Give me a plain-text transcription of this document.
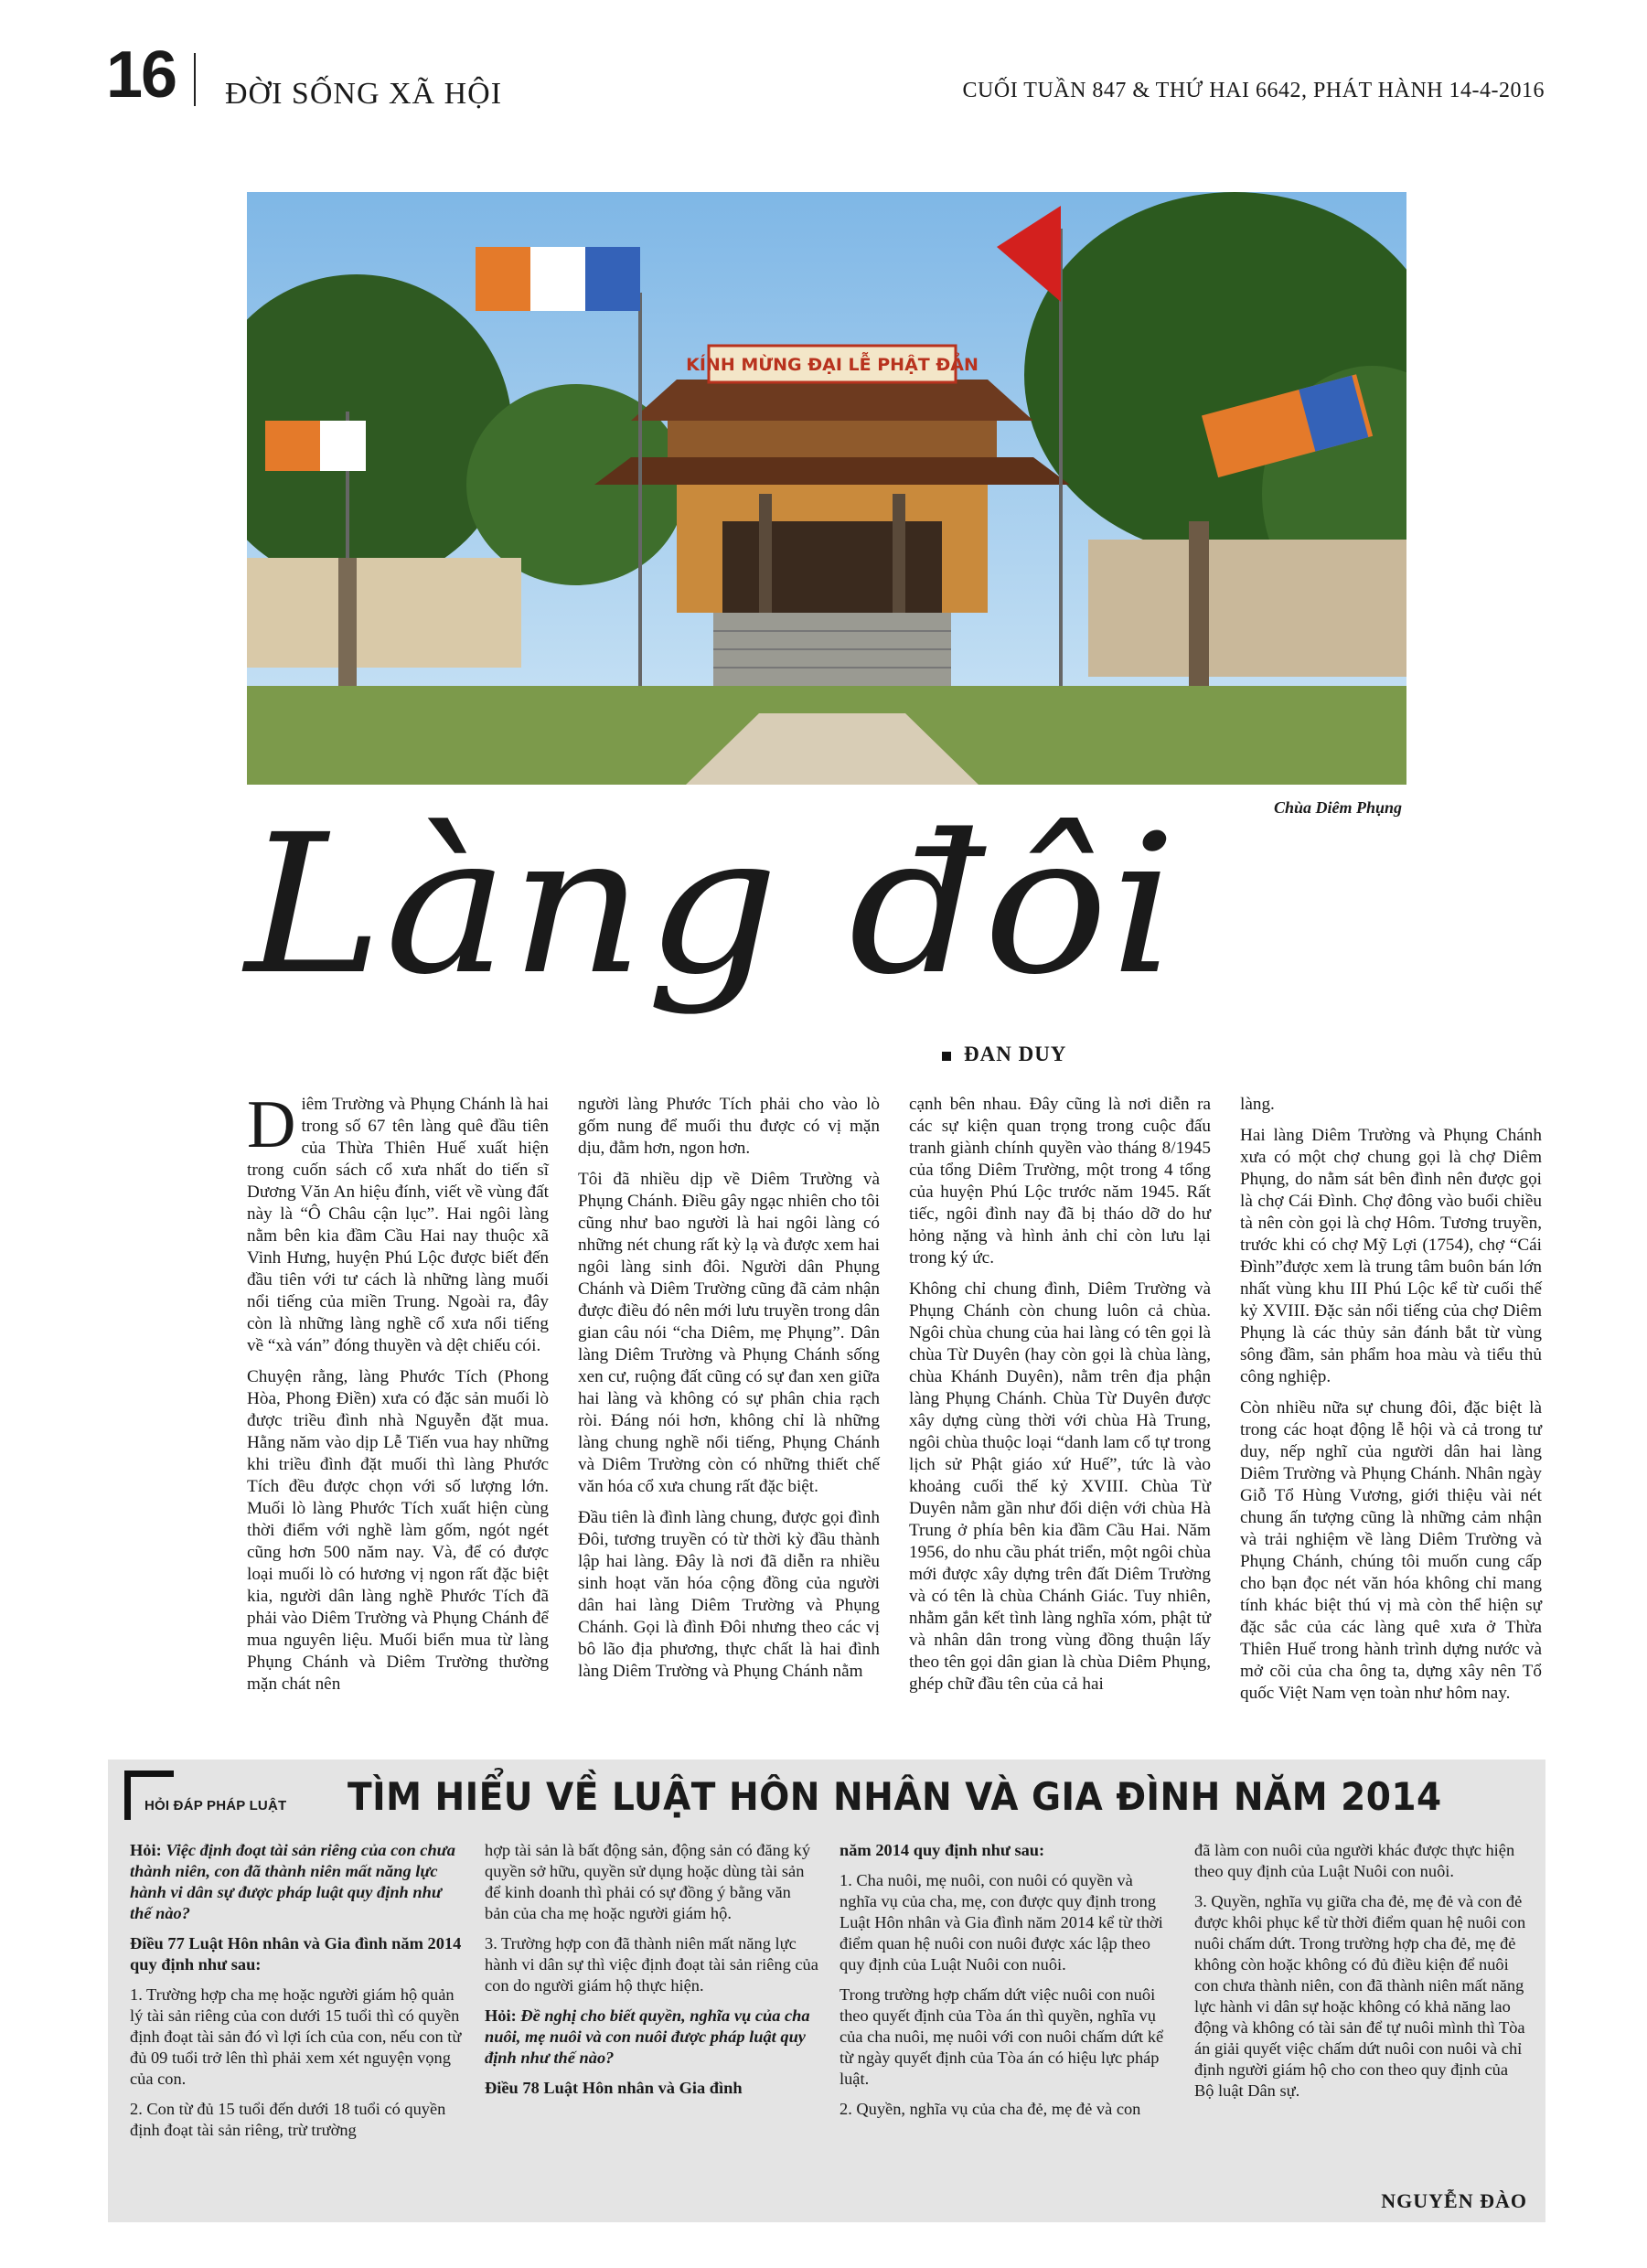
16 ĐỜI SỐNG XÃ HỘI	CUỐI TUẦN 847 & THỨ HAI 6642, PHÁT HÀNH 14-4-2016
KÍNH MỪNG ĐẠI LỄ PHẬT ĐẢN
Chùa Diêm Phụng
Làng đôi
ĐAN DUY

Diêm Trường và Phụng Chánh là hai trong số 67 tên làng quê đầu tiên của Thừa Thiên Huế xuất hiện trong cuốn sách cổ xưa nhất do tiến sĩ Dương Văn An hiệu đính, viết về vùng đất này là “Ô Châu cận lục”. Hai ngôi làng nằm bên kia đầm Cầu Hai nay thuộc xã Vinh Hưng, huyện Phú Lộc được biết đến đầu tiên với tư cách là những làng muối nổi tiếng của miền Trung. Ngoài ra, đây còn là những làng nghề cổ xưa nổi tiếng về “xà ván” đóng thuyền và dệt chiếu cói.

Chuyện rằng, làng Phước Tích (Phong Hòa, Phong Điền) xưa có đặc sản muối lò được triều đình nhà Nguyễn đặt mua. Hằng năm vào dịp Lễ Tiến vua hay những khi triều đình đặt muối thì làng Phước Tích đều được chọn với số lượng lớn. Muối lò làng Phước Tích xuất hiện cùng thời điểm với nghề làm gốm, ngót ngét cũng hơn 500 năm nay. Và, để có được loại muối lò có hương vị ngon rất đặc biệt kia, người dân làng nghề Phước Tích đã phải vào Diêm Trường và Phụng Chánh để mua nguyên liệu. Muối biển mua từ làng Phụng Chánh và Diêm Trường thường mặn chát nên

người làng Phước Tích phải cho vào lò gốm nung để muối thu được có vị mặn dịu, đằm hơn, ngon hơn.

Tôi đã nhiều dịp về Diêm Trường và Phụng Chánh. Điều gây ngạc nhiên cho tôi cũng như bao người là hai ngôi làng có những nét chung rất kỳ lạ và được xem hai ngôi làng sinh đôi. Người dân Phụng Chánh và Diêm Trường cũng đã cảm nhận được điều đó nên mới lưu truyền trong dân gian câu nói “cha Diêm, mẹ Phụng”. Dân làng Diêm Trường và Phụng Chánh sống xen cư, ruộng đất cũng có sự đan xen giữa hai làng và không có sự phân chia rạch ròi. Đáng nói hơn, không chỉ là những làng chung nghề nổi tiếng, Phụng Chánh và Diêm Trường còn có những thiết chế văn hóa cổ xưa chung rất đặc biệt.

Đầu tiên là đình làng chung, được gọi đình Đôi, tương truyền có từ thời kỳ đầu thành lập hai làng. Đây là nơi đã diễn ra nhiều sinh hoạt văn hóa cộng đồng của người dân hai làng Diêm Trường và Phụng Chánh. Gọi là đình Đôi nhưng theo các vị bô lão địa phương, thực chất là hai đình làng Diêm Trường và Phụng Chánh nằm

cạnh bên nhau. Đây cũng là nơi diễn ra các sự kiện quan trọng trong cuộc đấu tranh giành chính quyền vào tháng 8/1945 của tổng Diêm Trường, một trong 4 tổng của huyện Phú Lộc trước năm 1945. Rất tiếc, ngôi đình nay đã bị tháo dỡ do hư hỏng nặng và hình ảnh chỉ còn lưu lại trong ký ức.

Không chỉ chung đình, Diêm Trường và Phụng Chánh còn chung luôn cả chùa. Ngôi chùa chung của hai làng có tên gọi là chùa Từ Duyên (hay còn gọi là chùa làng, chùa Khánh Duyên), nằm trên địa phận làng Phụng Chánh. Chùa Từ Duyên được xây dựng cùng thời với chùa Hà Trung, ngôi chùa thuộc loại “danh lam cổ tự trong lịch sử Phật giáo xứ Huế”, tức là vào khoảng cuối thế kỷ XVIII. Chùa Từ Duyên nằm gần như đối diện với chùa Hà Trung ở phía bên kia đầm Cầu Hai. Năm 1956, do nhu cầu phát triển, một ngôi chùa mới được xây dựng trên đất Diêm Trường và có tên là chùa Chánh Giác. Tuy nhiên, nhằm gắn kết tình làng nghĩa xóm, phật tử và nhân dân trong vùng đồng thuận lấy theo tên gọi dân gian là chùa Diêm Phụng, ghép chữ đầu tên của cả hai

làng.

Hai làng Diêm Trường và Phụng Chánh xưa có một chợ chung gọi là chợ Diêm Phụng, do nằm sát bên đình nên được gọi là chợ Cái Đình. Chợ đông vào buổi chiều tà nên còn gọi là chợ Hôm. Tương truyền, trước khi có chợ Mỹ Lợi (1754), chợ “Cái Đình”được xem là trung tâm buôn bán lớn nhất vùng khu III Phú Lộc kể từ cuối thế kỷ XVIII. Đặc sản nổi tiếng của chợ Diêm Phụng là các thủy sản đánh bắt từ vùng sông đầm, sản phẩm hoa màu và tiểu thủ công nghiệp.

Còn nhiều nữa sự chung đôi, đặc biệt là trong các hoạt động lễ hội và cả trong tư duy, nếp nghĩ của người dân hai làng Diêm Trường và Phụng Chánh. Nhân ngày Giỗ Tổ Hùng Vương, giới thiệu vài nét chung ấn tượng cũng là những cảm nhận và trải nghiệm về làng Diêm Trường và Phụng Chánh, chúng tôi muốn cung cấp cho bạn đọc nét văn hóa không chỉ mang tính khác biệt thú vị mà còn thể hiện sự đặc sắc của các làng quê xưa ở Thừa Thiên Huế trong hành trình dựng nước và mở cõi của cha ông ta, dựng xây nên Tổ quốc Việt Nam vẹn toàn như hôm nay.

HỎI ĐÁP PHÁP LUẬT TÌM HIỂU VỀ LUẬT HÔN NHÂN VÀ GIA ĐÌNH NĂM 2014

Hỏi: Việc định đoạt tài sản riêng của con chưa thành niên, con đã thành niên mất năng lực hành vi dân sự được pháp luật quy định như thế nào?

Điều 77 Luật Hôn nhân và Gia đình năm 2014 quy định như sau:

1. Trường hợp cha mẹ hoặc người giám hộ quản lý tài sản riêng của con dưới 15 tuổi thì có quyền định đoạt tài sản đó vì lợi ích của con, nếu con từ đủ 09 tuổi trở lên thì phải xem xét nguyện vọng của con.

2. Con từ đủ 15 tuổi đến dưới 18 tuổi có quyền định đoạt tài sản riêng, trừ trường

hợp tài sản là bất động sản, động sản có đăng ký quyền sở hữu, quyền sử dụng hoặc dùng tài sản để kinh doanh thì phải có sự đồng ý bằng văn bản của cha mẹ hoặc người giám hộ.

3. Trường hợp con đã thành niên mất năng lực hành vi dân sự thì việc định đoạt tài sản riêng của con do người giám hộ thực hiện.

Hỏi: Đề nghị cho biết quyền, nghĩa vụ của cha nuôi, mẹ nuôi và con nuôi được pháp luật quy định như thế nào?

Điều 78 Luật Hôn nhân và Gia đình

năm 2014 quy định như sau:

1. Cha nuôi, mẹ nuôi, con nuôi có quyền và nghĩa vụ của cha, mẹ, con được quy định trong Luật Hôn nhân và Gia đình năm 2014 kể từ thời điểm quan hệ nuôi con nuôi được xác lập theo quy định của Luật Nuôi con nuôi.

Trong trường hợp chấm dứt việc nuôi con nuôi theo quyết định của Tòa án thì quyền, nghĩa vụ của cha nuôi, mẹ nuôi với con nuôi chấm dứt kể từ ngày quyết định của Tòa án có hiệu lực pháp luật.

2. Quyền, nghĩa vụ của cha đẻ, mẹ đẻ và con

đã làm con nuôi của người khác được thực hiện theo quy định của Luật Nuôi con nuôi.

3. Quyền, nghĩa vụ giữa cha đẻ, mẹ đẻ và con đẻ được khôi phục kể từ thời điểm quan hệ nuôi con nuôi chấm dứt. Trong trường hợp cha đẻ, mẹ đẻ không còn hoặc không có đủ điều kiện để nuôi con chưa thành niên, con đã thành niên mất năng lực hành vi dân sự hoặc không có khả năng lao động và không có tài sản để tự nuôi mình thì Tòa án giải quyết việc chấm dứt nuôi con nuôi và chỉ định người giám hộ cho con theo quy định của Bộ luật Dân sự.

NGUYỄN ĐÀO
